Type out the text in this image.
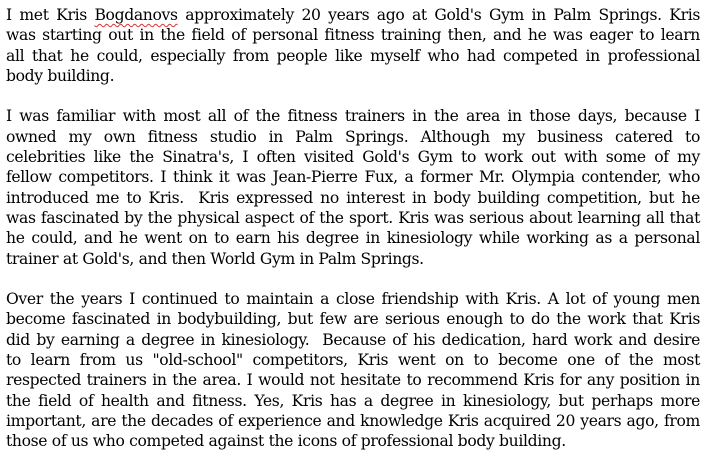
I met Kris Bogdanovs approximately 20 years ago at Gold's Gym in Palm Springs. Kris
was starting out in the field of personal fitness training then, and he was eager to learn
all that he could, especially from people like myself who had competed in professional
body building.

I was familiar with most all of the fitness trainers in the area in those days, because I
owned my own fitness studio in Palm Springs. Although my business catered to
celebrities like the Sinatra's, I often visited Gold's Gym to work out with some of my
fellow competitors. I think it was Jean-Pierre Fux, a former Mr. Olympia contender, who
introduced me to Kris.  Kris expressed no interest in body building competition, but he
was fascinated by the physical aspect of the sport. Kris was serious about learning all that
he could, and he went on to earn his degree in kinesiology while working as a personal
trainer at Gold's, and then World Gym in Palm Springs.

Over the years I continued to maintain a close friendship with Kris. A lot of young men
become fascinated in bodybuilding, but few are serious enough to do the work that Kris
did by earning a degree in kinesiology.  Because of his dedication, hard work and desire
to learn from us "old-school" competitors, Kris went on to become one of the most
respected trainers in the area. I would not hesitate to recommend Kris for any position in
the field of health and fitness. Yes, Kris has a degree in kinesiology, but perhaps more
important, are the decades of experience and knowledge Kris acquired 20 years ago, from
those of us who competed against the icons of professional body building.
